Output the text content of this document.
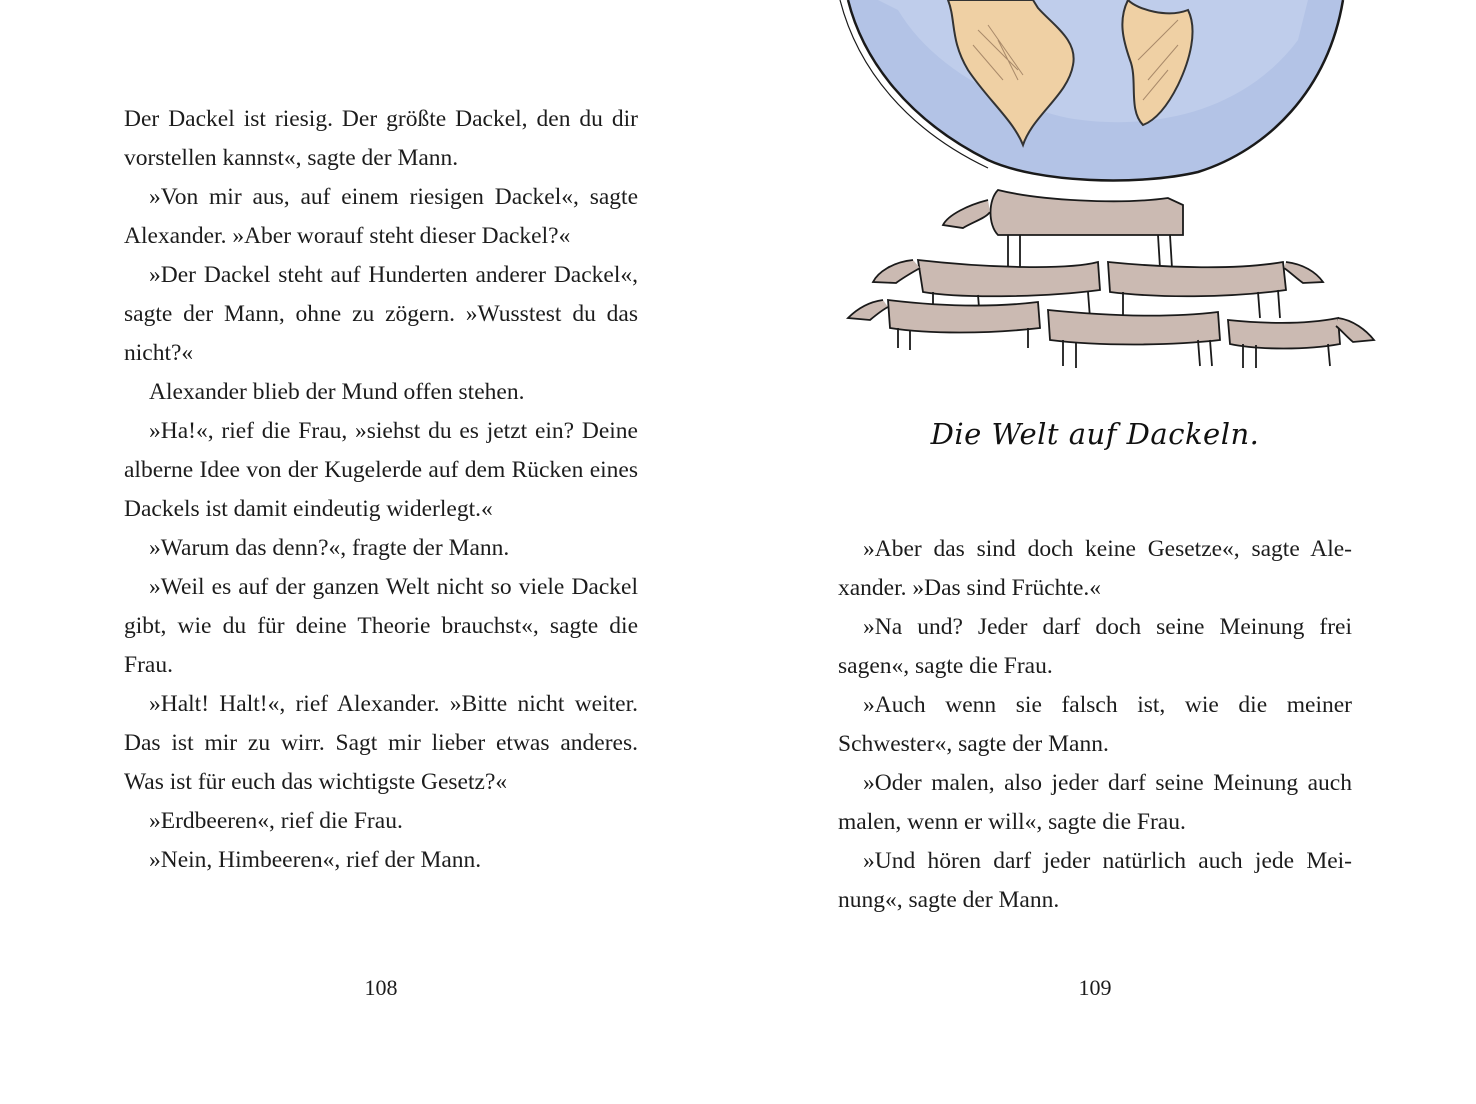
Der Dackel ist riesig. Der größte Dackel, den du dir vorstellen kannst«, sagte der Mann.

»Von mir aus, auf einem riesigen Dackel«, sagte Alexander. »Aber worauf steht dieser Dackel?«

»Der Dackel steht auf Hunderten anderer Dackel«, sagte der Mann, ohne zu zögern. »Wusstest du das nicht?«

Alexander blieb der Mund offen stehen.

»Ha!«, rief die Frau, »siehst du es jetzt ein? Deine alberne Idee von der Kugelerde auf dem Rücken eines Dackels ist damit eindeutig widerlegt.«

»Warum das denn?«, fragte der Mann.

»Weil es auf der ganzen Welt nicht so viele Dackel gibt, wie du für deine Theorie brauchst«, sagte die Frau.

»Halt! Halt!«, rief Alexander. »Bitte nicht weiter. Das ist mir zu wirr. Sagt mir lieber etwas anderes. Was ist für euch das wichtigste Gesetz?«

»Erdbeeren«, rief die Frau.

»Nein, Himbeeren«, rief der Mann.

108
Die Welt auf Dackeln.

»Aber das sind doch keine Gesetze«, sagte Alexander. »Das sind Früchte.«

»Na und? Jeder darf doch seine Meinung frei sagen«, sagte die Frau.

»Auch wenn sie falsch ist, wie die meiner Schwester«, sagte der Mann.

»Oder malen, also jeder darf seine Meinung auch malen, wenn er will«, sagte die Frau.

»Und hören darf jeder natürlich auch jede Meinung«, sagte der Mann.

109
